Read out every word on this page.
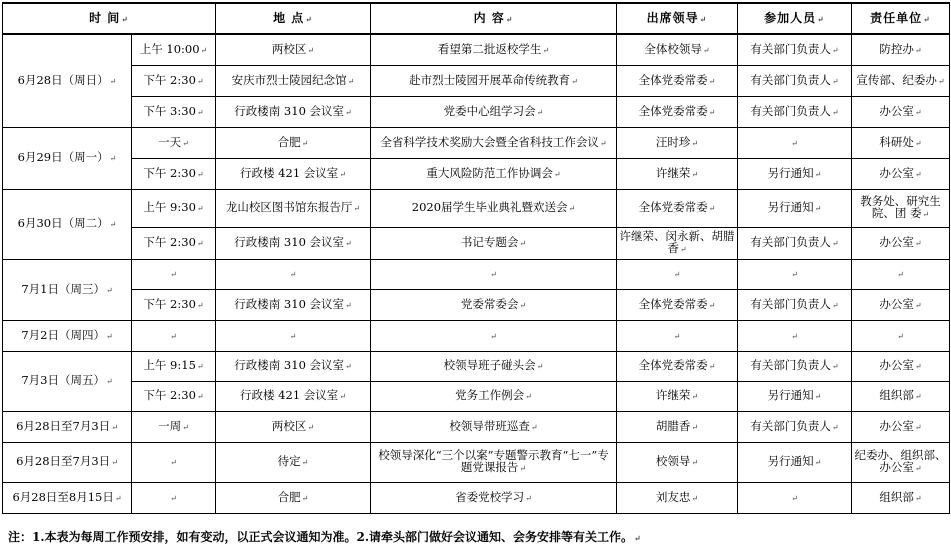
时 间↵		地 点↵	内 容↵	出席领导↵	参加人员↵	责任单位↵
6月28日（周日）↵	上午 10:00↵	两校区↵	看望第二批返校学生↵	全体校领导↵	有关部门负责人↵	防控办↵
	下午 2:30↵	安庆市烈士陵园纪念馆↵	赴市烈士陵园开展革命传统教育↵	全体党委常委↵	有关部门负责人↵	宣传部、纪委办↵
	下午 3:30↵	行政楼南 310 会议室↵	党委中心组学习会↵	全体党委常委↵	有关部门负责人↵	办公室↵
6月29日（周一）↵	一天↵	合肥↵	全省科学技术奖励大会暨全省科技工作会议↵	汪时珍↵	↵	科研处↵
	下午 2:30↵	行政楼 421 会议室↵	重大风险防范工作协调会↵	许继荣↵	另行通知↵	办公室↵
6月30日（周二）↵	上午 9:30↵	龙山校区图书馆东报告厅↵	2020届学生毕业典礼暨欢送会↵	全体党委常委↵	另行通知↵	教务处、研究生院、团 委↵
	下午 2:30↵	行政楼南 310 会议室↵	书记专题会↵	许继荣、闵永新、胡腊香↵	有关部门负责人↵	办公室↵
7月1日（周三）↵	↵	↵	↵	↵	↵	↵
	下午 2:30↵	行政楼南 310 会议室↵	党委常委会↵	全体党委常委↵	有关部门负责人↵	办公室↵
7月2日（周四）↵	↵	↵	↵	↵	↵	↵
7月3日（周五）↵	上午 9:15↵	行政楼南 310 会议室↵	校领导班子碰头会↵	全体党委常委↵	有关部门负责人↵	办公室↵
	下午 2:30↵	行政楼 421 会议室↵	党务工作例会↵	许继荣↵	另行通知↵	组织部↵
6月28日至7月3日↵	一周↵	两校区↵	校领导带班巡查↵	胡腊香↵	有关部门负责人↵	办公室↵
6月28日至7月3日↵	↵	待定↵	校领导深化“三个以案”专题警示教育“七一”专题党课报告↵	校领导↵	另行通知↵	纪委办、组织部、办公室↵
6月28日至8月15日↵	↵	合肥↵	省委党校学习↵	刘友忠↵	↵	组织部↵
注：1.本表为每周工作预安排，如有变动，以正式会议通知为准。2.请牵头部门做好会议通知、会务安排等有关工作。↵
